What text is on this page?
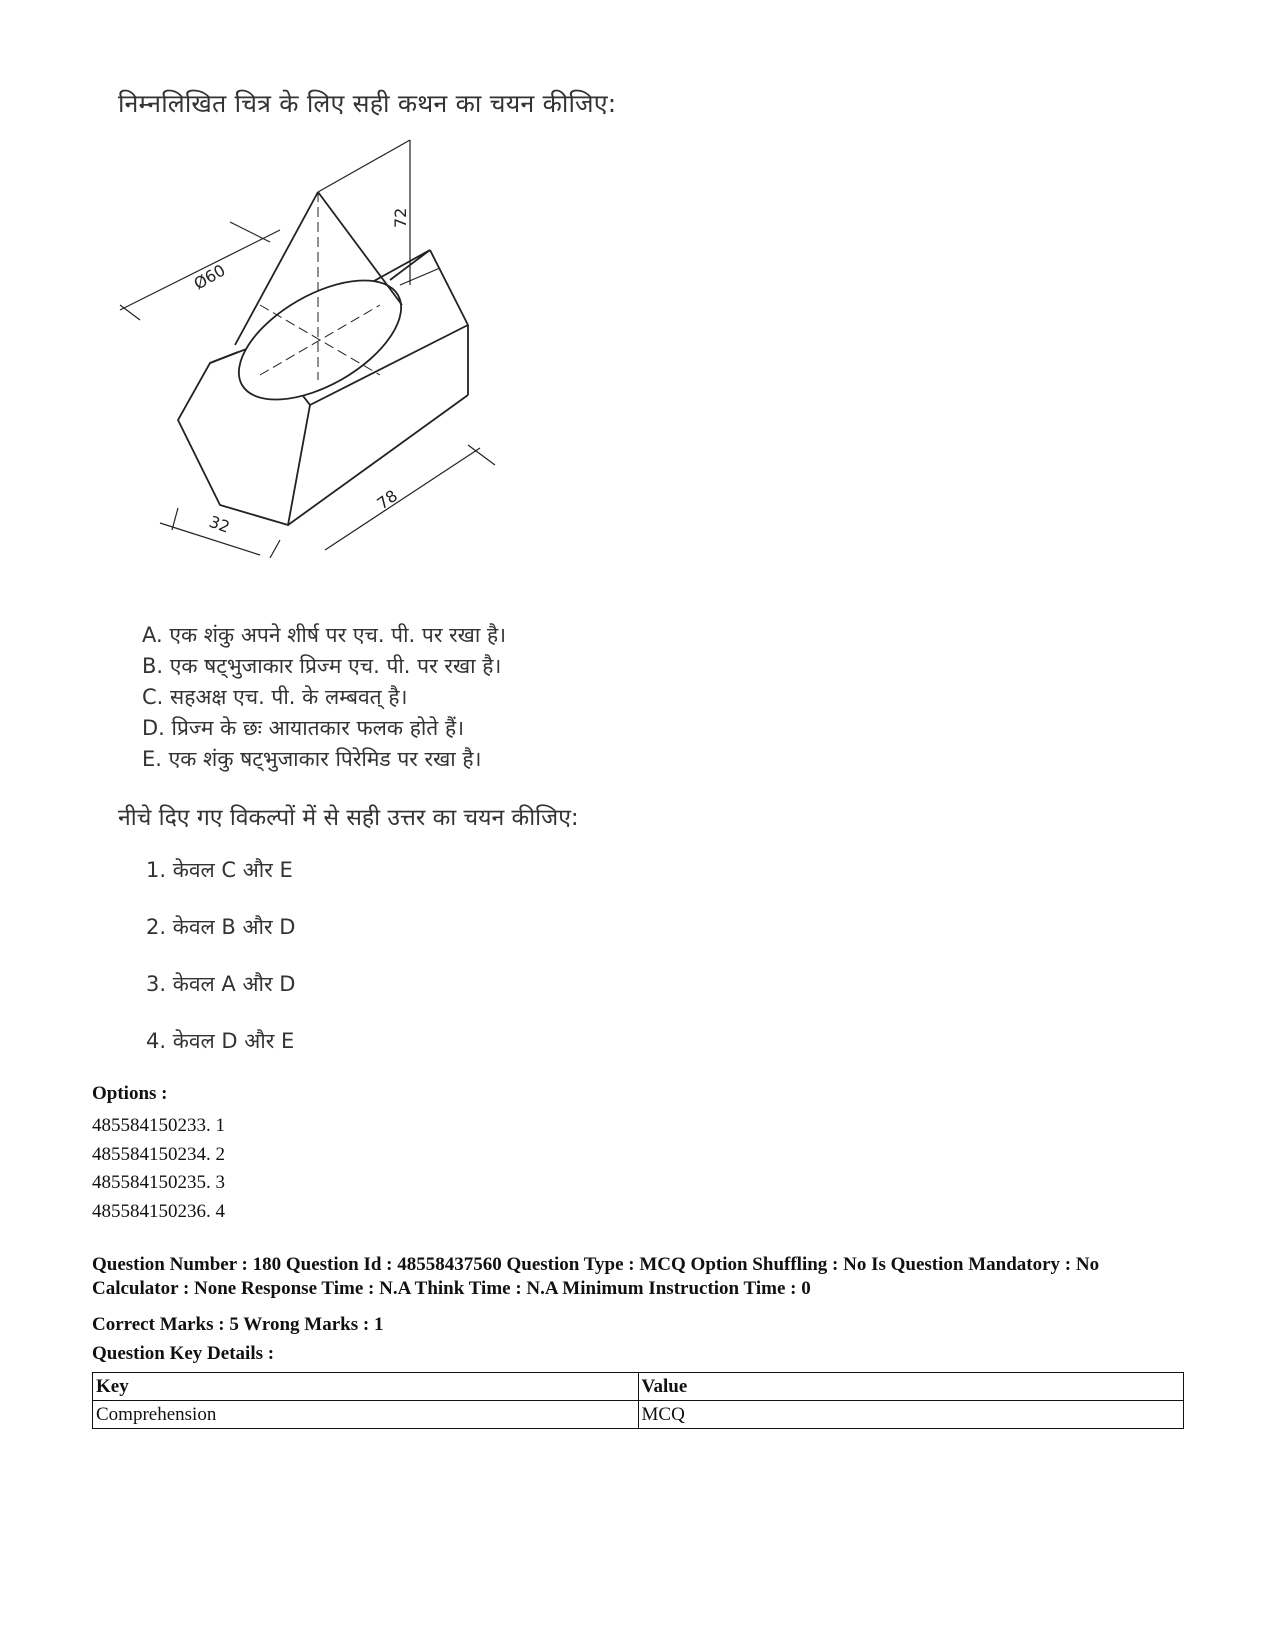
निम्नलिखित चित्र के लिए सही कथन का चयन कीजिए:
Ø60
72
78
32
A. एक शंकु अपने शीर्ष पर एच. पी. पर रखा है।
B. एक षट्भुजाकार प्रिज्म एच. पी. पर रखा है।
C. सहअक्ष एच. पी. के लम्बवत् है।
D. प्रिज्म के छः आयातकार फलक होते हैं।
E. एक शंकु षट्भुजाकार पिरेमिड पर रखा है।
नीचे दिए गए विकल्पों में से सही उत्तर का चयन कीजिए:
1. केवल C और E
2. केवल B और D
3. केवल A और D
4. केवल D और E
Options :
485584150233. 1
485584150234. 2
485584150235. 3
485584150236. 4
Question Number : 180 Question Id : 48558437560 Question Type : MCQ Option Shuffling : No Is Question Mandatory : No Calculator : None Response Time : N.A Think Time : N.A Minimum Instruction Time : 0
Correct Marks : 5 Wrong Marks : 1
Question Key Details :
Key	Value
Comprehension	MCQ
